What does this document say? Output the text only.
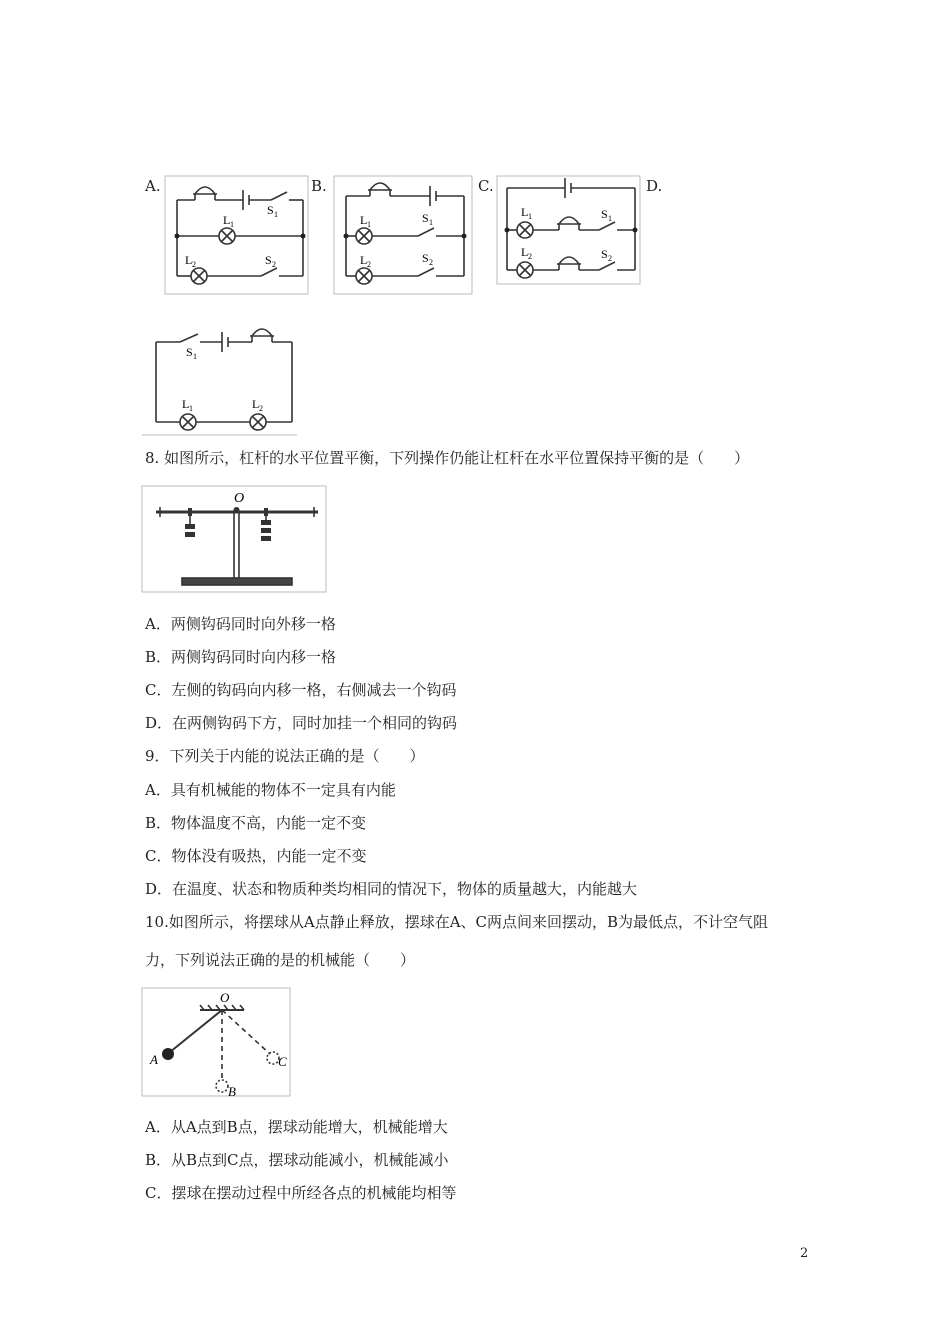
A.	B.	C.	D.
L 1
S 1
L 2	S 2
L 1	S 1
L 2	S 2
L 1	S 1
L 2	S 2
S 1
L 1	L 2
8. 如图所示，杠杆的水平位置平衡，下列操作仍能让杠杆在水平位置保持平衡的是（　　）
O
A．两侧钩码同时向外移一格
B．两侧钩码同时向内移一格
C．左侧的钩码向内移一格，右侧减去一个钩码
D．在两侧钩码下方，同时加挂一个相同的钩码
9．下列关于内能的说法正确的是（　　）
A．具有机械能的物体不一定具有内能
B．物体温度不高，内能一定不变
C．物体没有吸热，内能一定不变
D．在温度、状态和物质种类均相同的情况下，物体的质量越大，内能越大
10.如图所示，将摆球从A点静止释放，摆球在A、C两点间来回摆动，B为最低点，不计空气阻
力，下列说法正确的是的机械能（　　）
O
A
B
C
A．从A点到B点，摆球动能增大，机械能增大
B．从B点到C点，摆球动能减小，机械能减小
C．摆球在摆动过程中所经各点的机械能均相等
2
